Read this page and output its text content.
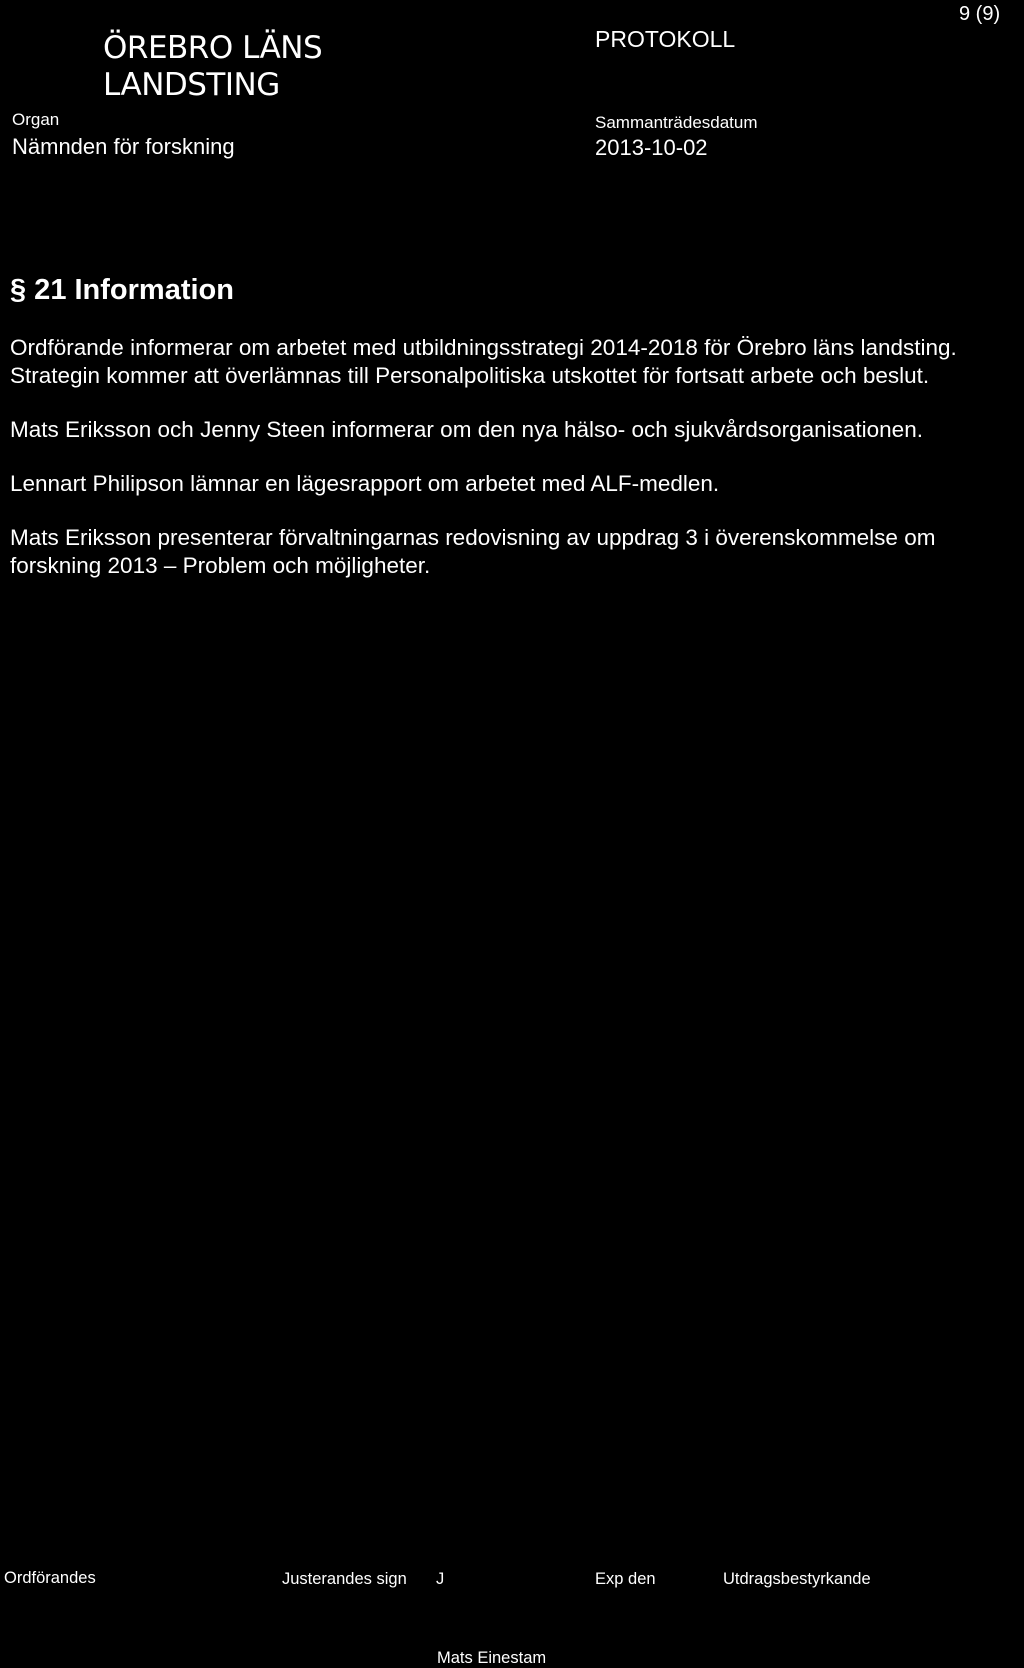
ÖREBRO LÄNS
LANDSTING
Organ
Nämnden för forskning
PROTOKOLL
Sammanträdesdatum
2013-10-02
9 (9)
§ 21 Information

Ordförande informerar om arbetet med utbildningsstrategi 2014-2018 för Örebro läns landsting.
Strategin kommer att överlämnas till Personalpolitiska utskottet för fortsatt arbete och beslut.

Mats Eriksson och Jenny Steen informerar om den nya hälso- och sjukvårdsorganisationen.

Lennart Philipson lämnar en lägesrapport om arbetet med ALF-medlen.

Mats Eriksson presenterar förvaltningarnas redovisning av uppdrag 3 i överenskommelse om
forskning 2013 – Problem och möjligheter.

Ordförandes	Justerandes sign J	Exp den	Utdragsbestyrkande
Mats Einestam
